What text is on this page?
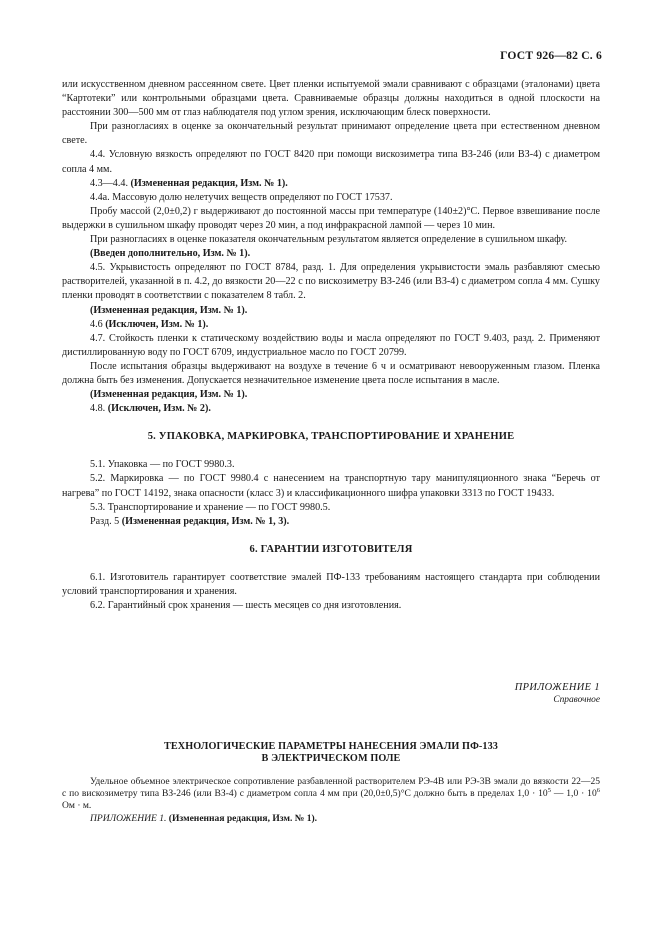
ГОСТ 926—82 С. 6

или искусственном дневном рассеянном свете. Цвет пленки испытуемой эмали сравнивают с образцами (эталонами) цвета “Картотеки” или контрольными образцами цвета. Сравниваемые образцы должны находиться в одной плоскости на расстоянии 300—500 мм от глаз наблюдателя под углом зрения, исключающим блеск поверхности.

При разногласиях в оценке за окончательный результат принимают определение цвета при естественном дневном свете.

4.4. Условную вязкость определяют по ГОСТ 8420 при помощи вискозиметра типа ВЗ-246 (или ВЗ-4) с диаметром сопла 4 мм.

4.3—4.4. (Измененная редакция, Изм. № 1).

4.4а. Массовую долю нелетучих веществ определяют по ГОСТ 17537.

Пробу массой (2,0±0,2) г выдерживают до постоянной массы при температуре (140±2)°С. Первое взвешивание после выдержки в сушильном шкафу проводят через 20 мин, а под инфракрасной лампой — через 10 мин.

При разногласиях в оценке показателя окончательным результатом является определение в сушильном шкафу.

(Введен дополнительно, Изм. № 1).

4.5. Укрывистость определяют по ГОСТ 8784, разд. 1. Для определения укрывистости эмаль разбавляют смесью растворителей, указанной в п. 4.2, до вязкости 20—22 с по вискозиметру ВЗ-246 (или ВЗ-4) с диаметром сопла 4 мм. Сушку пленки проводят в соответствии с показателем 8 табл. 2.

(Измененная редакция, Изм. № 1).

4.6 (Исключен, Изм. № 1).

4.7. Стойкость пленки к статическому воздействию воды и масла определяют по ГОСТ 9.403, разд. 2. Применяют дистиллированную воду по ГОСТ 6709, индустриальное масло по ГОСТ 20799.

После испытания образцы выдерживают на воздухе в течение 6 ч и осматривают невооруженным глазом. Пленка должна быть без изменения. Допускается незначительное изменение цвета после испытания в масле.

(Измененная редакция, Изм. № 1).

4.8. (Исключен, Изм. № 2).

5. УПАКОВКА, МАРКИРОВКА, ТРАНСПОРТИРОВАНИЕ И ХРАНЕНИЕ

5.1. Упаковка — по ГОСТ 9980.3.

5.2. Маркировка — по ГОСТ 9980.4 с нанесением на транспортную тару манипуляционного знака “Беречь от нагрева” по ГОСТ 14192, знака опасности (класс 3) и классификационного шифра упаковки 3313 по ГОСТ 19433.

5.3. Транспортирование и хранение — по ГОСТ 9980.5.

Разд. 5 (Измененная редакция, Изм. № 1, 3).

6. ГАРАНТИИ ИЗГОТОВИТЕЛЯ

6.1. Изготовитель гарантирует соответствие эмалей ПФ-133 требованиям настоящего стандарта при соблюдении условий транспортирования и хранения.

6.2. Гарантийный срок хранения — шесть месяцев со дня изготовления.

ПРИЛОЖЕНИЕ 1
Справочное
ТЕХНОЛОГИЧЕСКИЕ ПАРАМЕТРЫ НАНЕСЕНИЯ ЭМАЛИ ПФ-133
В ЭЛЕКТРИЧЕСКОМ ПОЛЕ

Удельное объемное электрическое сопротивление разбавленной растворителем РЭ-4В или РЭ-3В эмали до вязкости 22—25 с по вискозиметру типа ВЗ-246 (или ВЗ-4) с диаметром сопла 4 мм при (20,0±0,5)°С должно быть в пределах $1,0 \cdot 10^5$ — $1,0 \cdot 10^6$ Ом · м.

ПРИЛОЖЕНИЕ 1. (Измененная редакция, Изм. № 1).
